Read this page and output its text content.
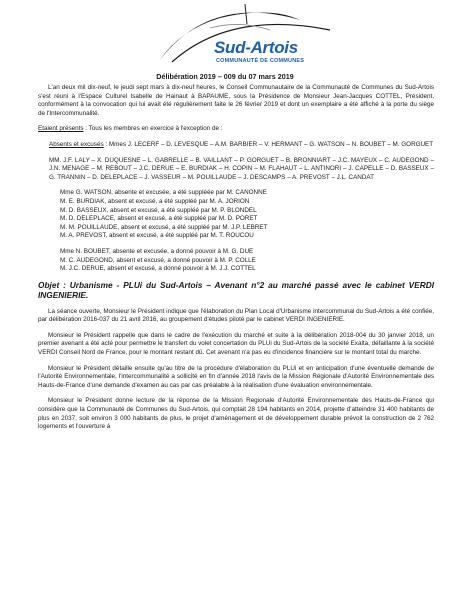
Sud-Artois
COMMUNAUTÉ DE COMMUNES
Délibération 2019 – 009 du 07 mars 2019

L'an deux mil dix-neuf, le jeudi sept mars à dix-neuf heures, le Conseil Communautaire de la Communauté de Communes du Sud-Artois s'est réuni à l'Espace Culturel Isabelle de Hainaut à BAPAUME, sous la Présidence de Monsieur Jean-Jacques COTTEL, Président, conformément à la convocation qui lui avait été régulièrement faite le 26 février 2019 et dont un exemplaire a été affiché à la porte du siège de l'Intercommunalité.

Etaient présents : Tous les membres en exercice à l'exception de :

Absents et excusés : Mmes J. LECERF – D. LEVESQUE – A.M. BARBIER – V. HERMANT – G. WATSON – N. BOUBET – M. GORGUET

MM. J.F. LALY – X. DUQUESNE – L. GABRELLE – B. VAILLANT – P. GORGUET – B. BRONNIART – J.C. MAYEUX – C. AUDEGOND – J.N. MENAGE – M. REBOUT – J.C. DERUE – E. BURDIAK – H. COPIN – M. FLAHAUT – L. ANTINORI – J. CAPELLE – D. BASSEUX – G. TRANNIN – D. DELEPLACE – J. VASSEUR – M. POUILLAUDE – J. DESCAMPS – A. PREVOST – J.L. CANDAT

Mme G. WATSON, absente et excusée, a été suppléée par M. CANONNE
M. E. BURDIAK, absent et excusé, a été suppléé par M. A. JORION
M. D. BASSEUX, absent et excusé, a été suppléé par M. P. BLONDEL
M. D. DELEPLACE, absent et excusé, a été suppléé par M. D. PORET
M. M. POUILLAUDE, absent et excusé, a été suppléé par M. J.P. LEBRET
M. A. PREVOST, absent et excusé, a été suppléé par M. T. ROUCOU
Mme N. BOUBET, absente et excusée, a donné pouvoir à M. G. DUE
M. C. AUDEGOND, absent et excusé, a donné pouvoir à M. P. COLLE
M. J.C. DERUE, absent et excusé, a donné pouvoir à M. J.J. COTTEL

Objet : Urbanisme - PLUi du Sud-Artois – Avenant n°2 au marché passé avec le cabinet VERDI INGENIERIE.

La séance ouverte, Monsieur le Président indique que l'élaboration du Plan Local d'Urbanisme intercommunal du Sud-Artois a été confiée, par délibération 2016-037 du 21 avril 2016, au groupement d'études piloté par le cabinet VERDI INGENIERIE.

Monsieur le Président rappelle que dans le cadre de l'exécution du marché et suite à la délibération 2018-004 du 30 janvier 2018, un premier avenant a été acté pour permettre le transfert du volet concertation du PLUi du Sud-Artois de la société Exalta, défaillante à la société VERDI Conseil Nord de France, pour le montant restant dû. Cet avenant n'a pas eu d'incidence financière sur le montant total du marche.

Monsieur le Président détaille ensuite qu'au titre de la procédure d'élaboration du PLUi et en anticipation d'une éventuelle demande de l'Autorité Environnementale, l'intercommunalité a sollicité en fin d'année 2018 l'avis de la Mission Régionale d'Autorité Environnementale des Hauts-de-France d'une demande d'examen au cas par cas préalable à la réalisation d'une évaluation environnementale.

Monsieur le Président donne lecture de la réponse de la Mission Regionale d'Autorité Environnementale des Hauts-de-France qui considère que la Communauté de Communes du Sud-Artois, qui comptait 28 194 habitants en 2014, projette d'atteindre 31 400 habitants de plus en 2037, soit environ 3 000 habitants de plus, le projet d'aménagement et de développement durable prévoit la construction de 2 762 logements et l'ouverture à
